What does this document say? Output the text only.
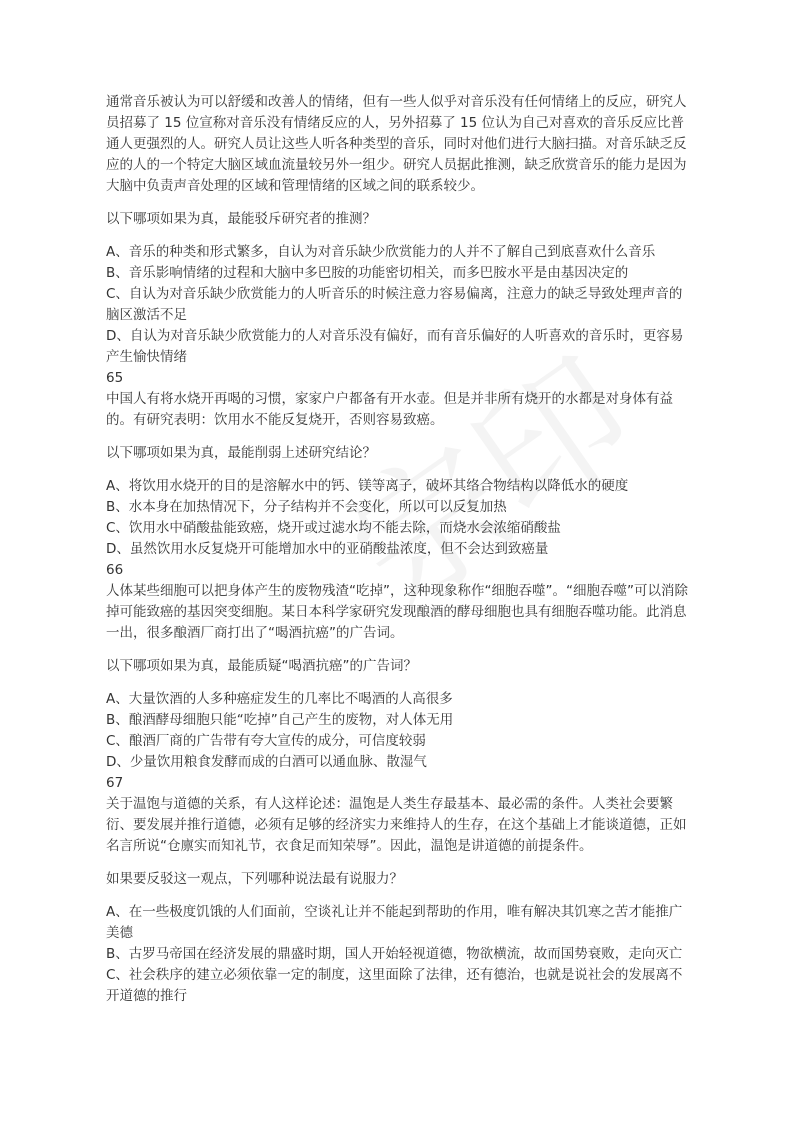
通常音乐被认为可以舒缓和改善人的情绪，但有一些人似乎对音乐没有任何情绪上的反应，研究人员招募了 15 位宣称对音乐没有情绪反应的人，另外招募了 15 位认为自己对喜欢的音乐反应比普通人更强烈的人。研究人员让这些人听各种类型的音乐，同时对他们进行大脑扫描。对音乐缺乏反应的人的一个特定大脑区域血流量较另外一组少。研究人员据此推测，缺乏欣赏音乐的能力是因为大脑中负责声音处理的区域和管理情绪的区域之间的联系较少。

以下哪项如果为真，最能驳斥研究者的推测？

A、音乐的种类和形式繁多，自认为对音乐缺少欣赏能力的人并不了解自己到底喜欢什么音乐

B、音乐影响情绪的过程和大脑中多巴胺的功能密切相关，而多巴胺水平是由基因决定的

C、自认为对音乐缺少欣赏能力的人听音乐的时候注意力容易偏离，注意力的缺乏导致处理声音的脑区激活不足

D、自认为对音乐缺少欣赏能力的人对音乐没有偏好，而有音乐偏好的人听喜欢的音乐时，更容易产生愉快情绪

65

中国人有将水烧开再喝的习惯，家家户户都备有开水壶。但是并非所有烧开的水都是对身体有益的。有研究表明：饮用水不能反复烧开，否则容易致癌。

以下哪项如果为真，最能削弱上述研究结论？

A、将饮用水烧开的目的是溶解水中的钙、镁等离子，破坏其络合物结构以降低水的硬度

B、水本身在加热情况下，分子结构并不会变化，所以可以反复加热

C、饮用水中硝酸盐能致癌，烧开或过滤水均不能去除，而烧水会浓缩硝酸盐

D、虽然饮用水反复烧开可能增加水中的亚硝酸盐浓度，但不会达到致癌量

66

人体某些细胞可以把身体产生的废物残渣“吃掉”，这种现象称作“细胞吞噬”。“细胞吞噬”可以消除掉可能致癌的基因突变细胞。某日本科学家研究发现酿酒的酵母细胞也具有细胞吞噬功能。此消息一出，很多酿酒厂商打出了“喝酒抗癌”的广告词。

以下哪项如果为真，最能质疑“喝酒抗癌”的广告词？

A、大量饮酒的人多种癌症发生的几率比不喝酒的人高很多

B、酿酒酵母细胞只能“吃掉”自己产生的废物，对人体无用

C、酿酒厂商的广告带有夸大宣传的成分，可信度较弱

D、少量饮用粮食发酵而成的白酒可以通血脉、散湿气

67

关于温饱与道德的关系，有人这样论述：温饱是人类生存最基本、最必需的条件。人类社会要繁衍、要发展并推行道德，必须有足够的经济实力来维持人的生存，在这个基础上才能谈道德，正如名言所说“仓廪实而知礼节，衣食足而知荣辱”。因此，温饱是讲道德的前提条件。

如果要反驳这一观点，下列哪种说法最有说服力？

A、在一些极度饥饿的人们面前，空谈礼让并不能起到帮助的作用，唯有解决其饥寒之苦才能推广美德

B、古罗马帝国在经济发展的鼎盛时期，国人开始轻视道德，物欲横流，故而国势衰败，走向灭亡

C、社会秩序的建立必须依靠一定的制度，这里面除了法律，还有德治，也就是说社会的发展离不开道德的推行
